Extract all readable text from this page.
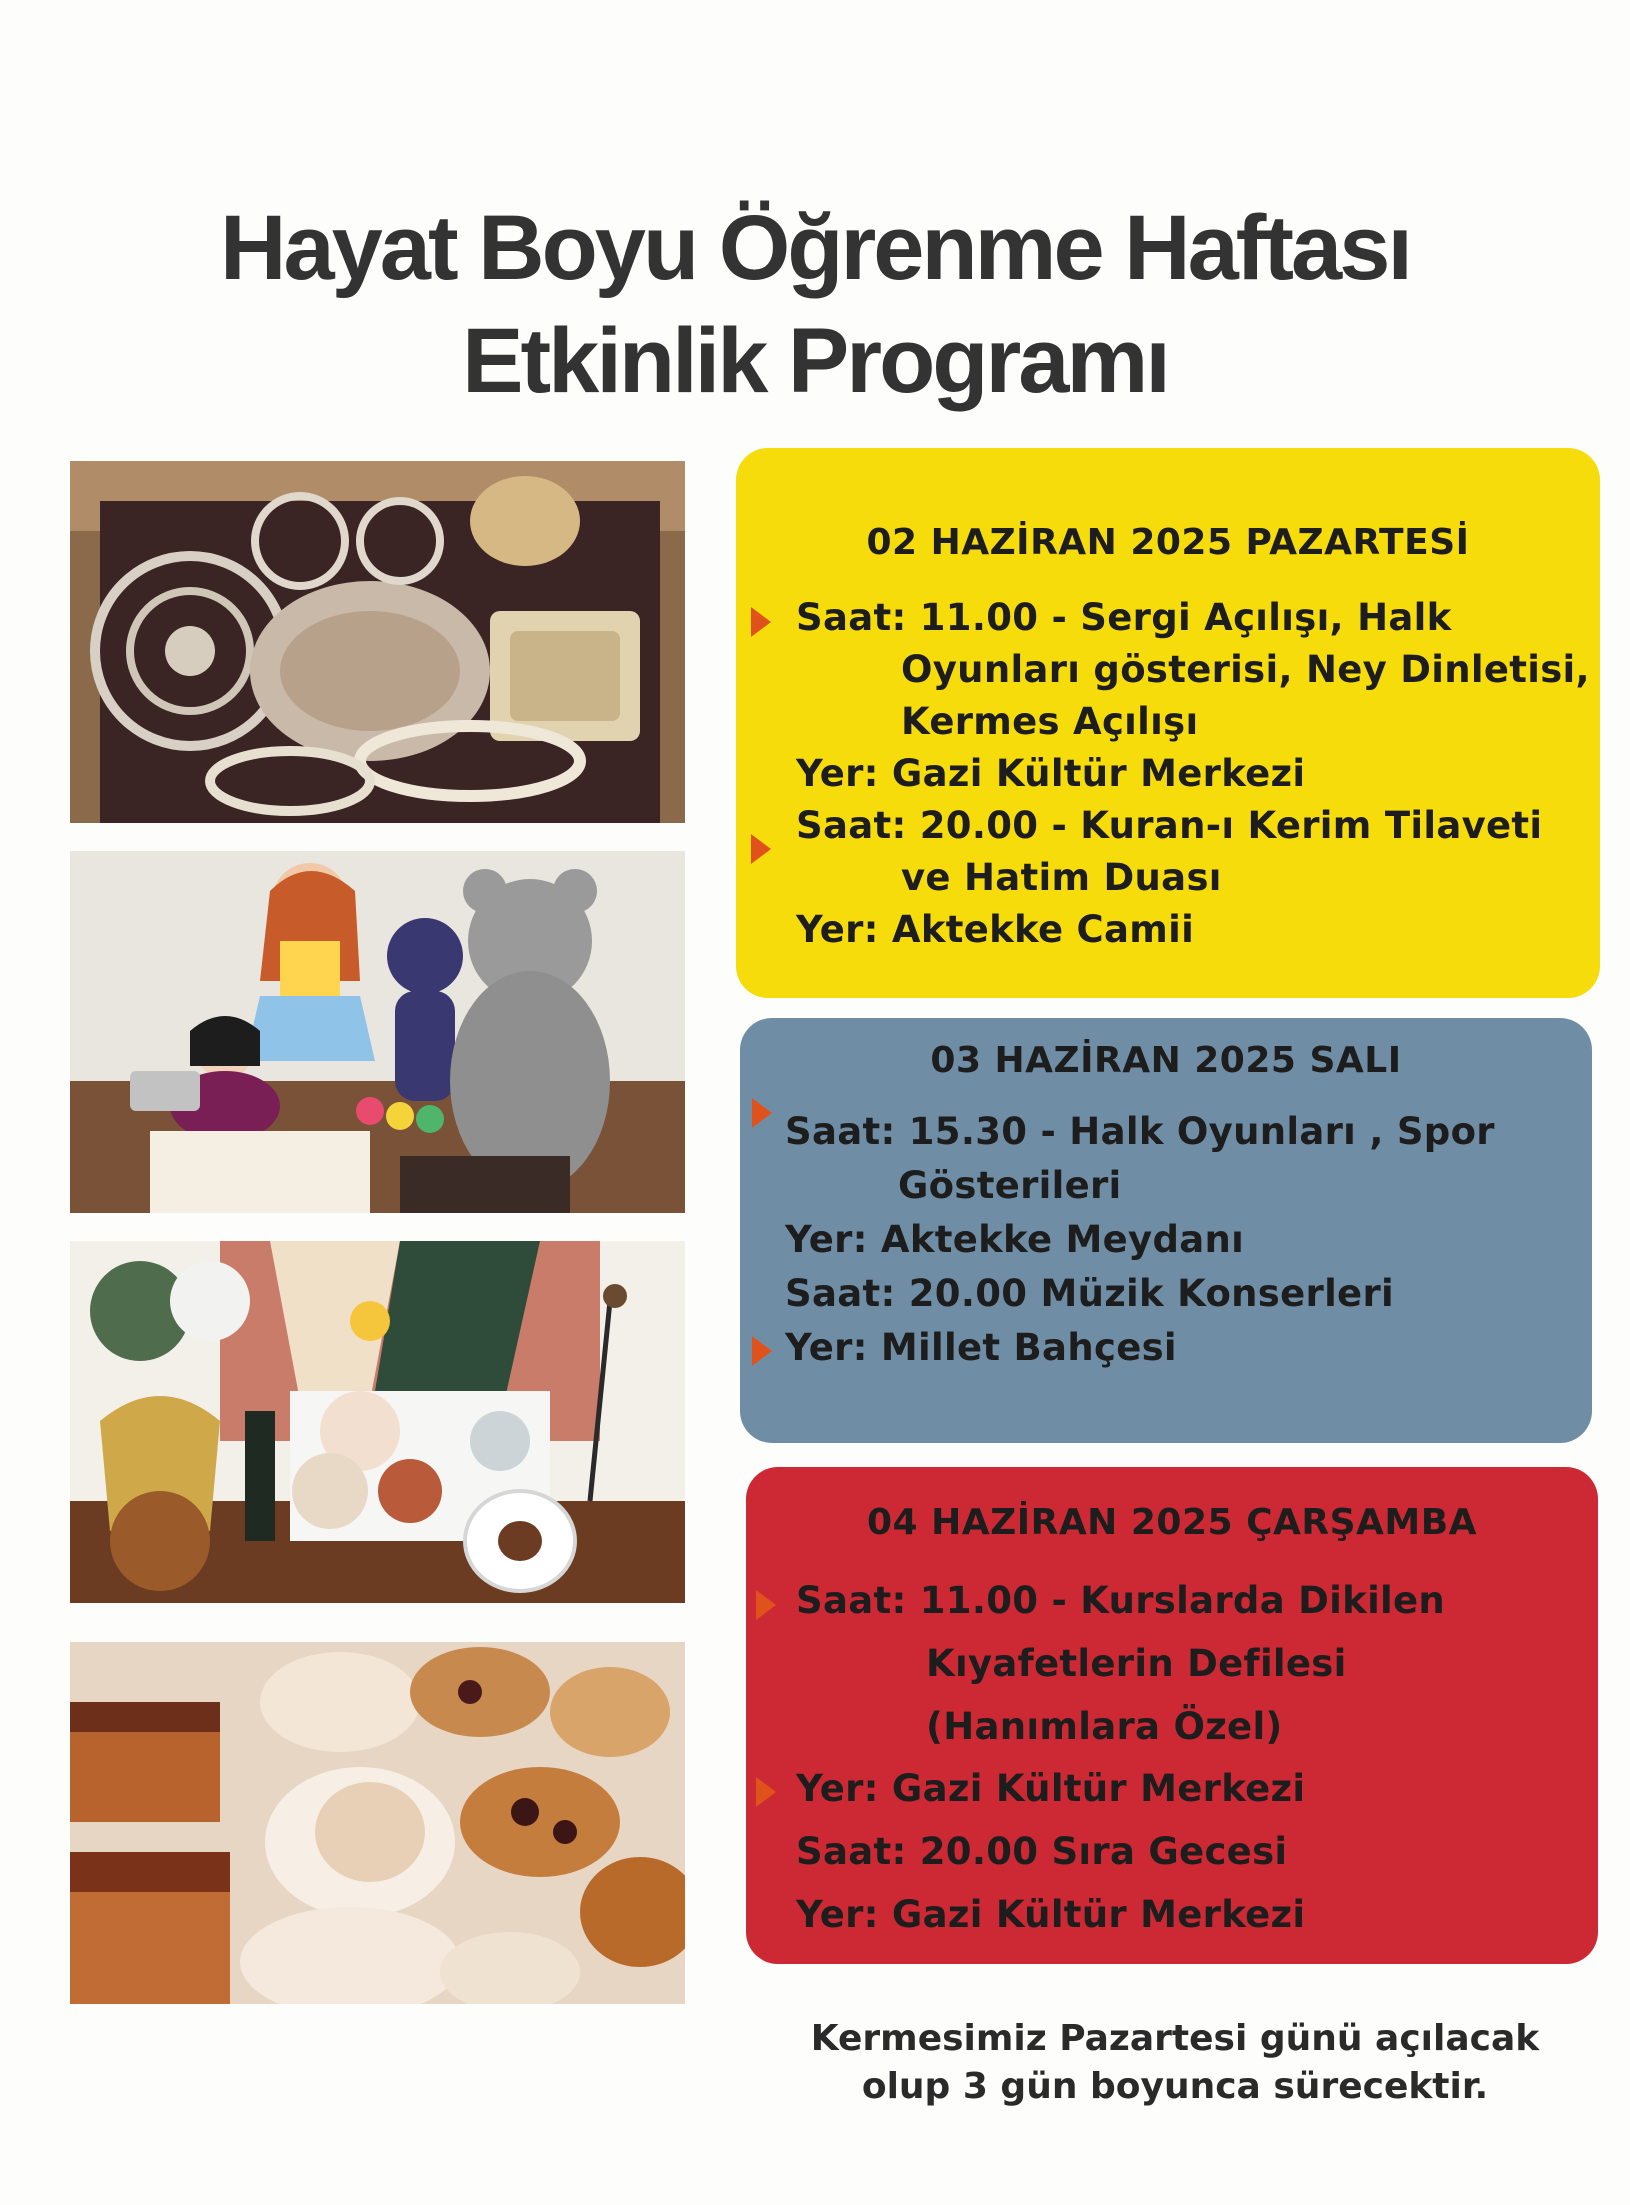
Hayat Boyu Öğrenme Haftası
Etkinlik Programı
02 HAZİRAN 2025 PAZARTESİ
Saat: 11.00 - Sergi Açılışı, Halk
Oyunları gösterisi, Ney Dinletisi,
Kermes Açılışı
Yer: Gazi Kültür Merkezi
Saat: 20.00 - Kuran-ı Kerim Tilaveti
ve Hatim Duası
Yer: Aktekke Camii
03 HAZİRAN 2025 SALI
Saat: 15.30 - Halk Oyunları , Spor
Gösterileri
Yer: Aktekke Meydanı
Saat: 20.00 Müzik Konserleri
Yer: Millet Bahçesi
04 HAZİRAN 2025 ÇARŞAMBA
Saat: 11.00 - Kurslarda Dikilen
Kıyafetlerin Defilesi
(Hanımlara Özel)
Yer: Gazi Kültür Merkezi
Saat: 20.00 Sıra Gecesi
Yer: Gazi Kültür Merkezi
Kermesimiz Pazartesi günü açılacak
olup 3 gün boyunca sürecektir.
